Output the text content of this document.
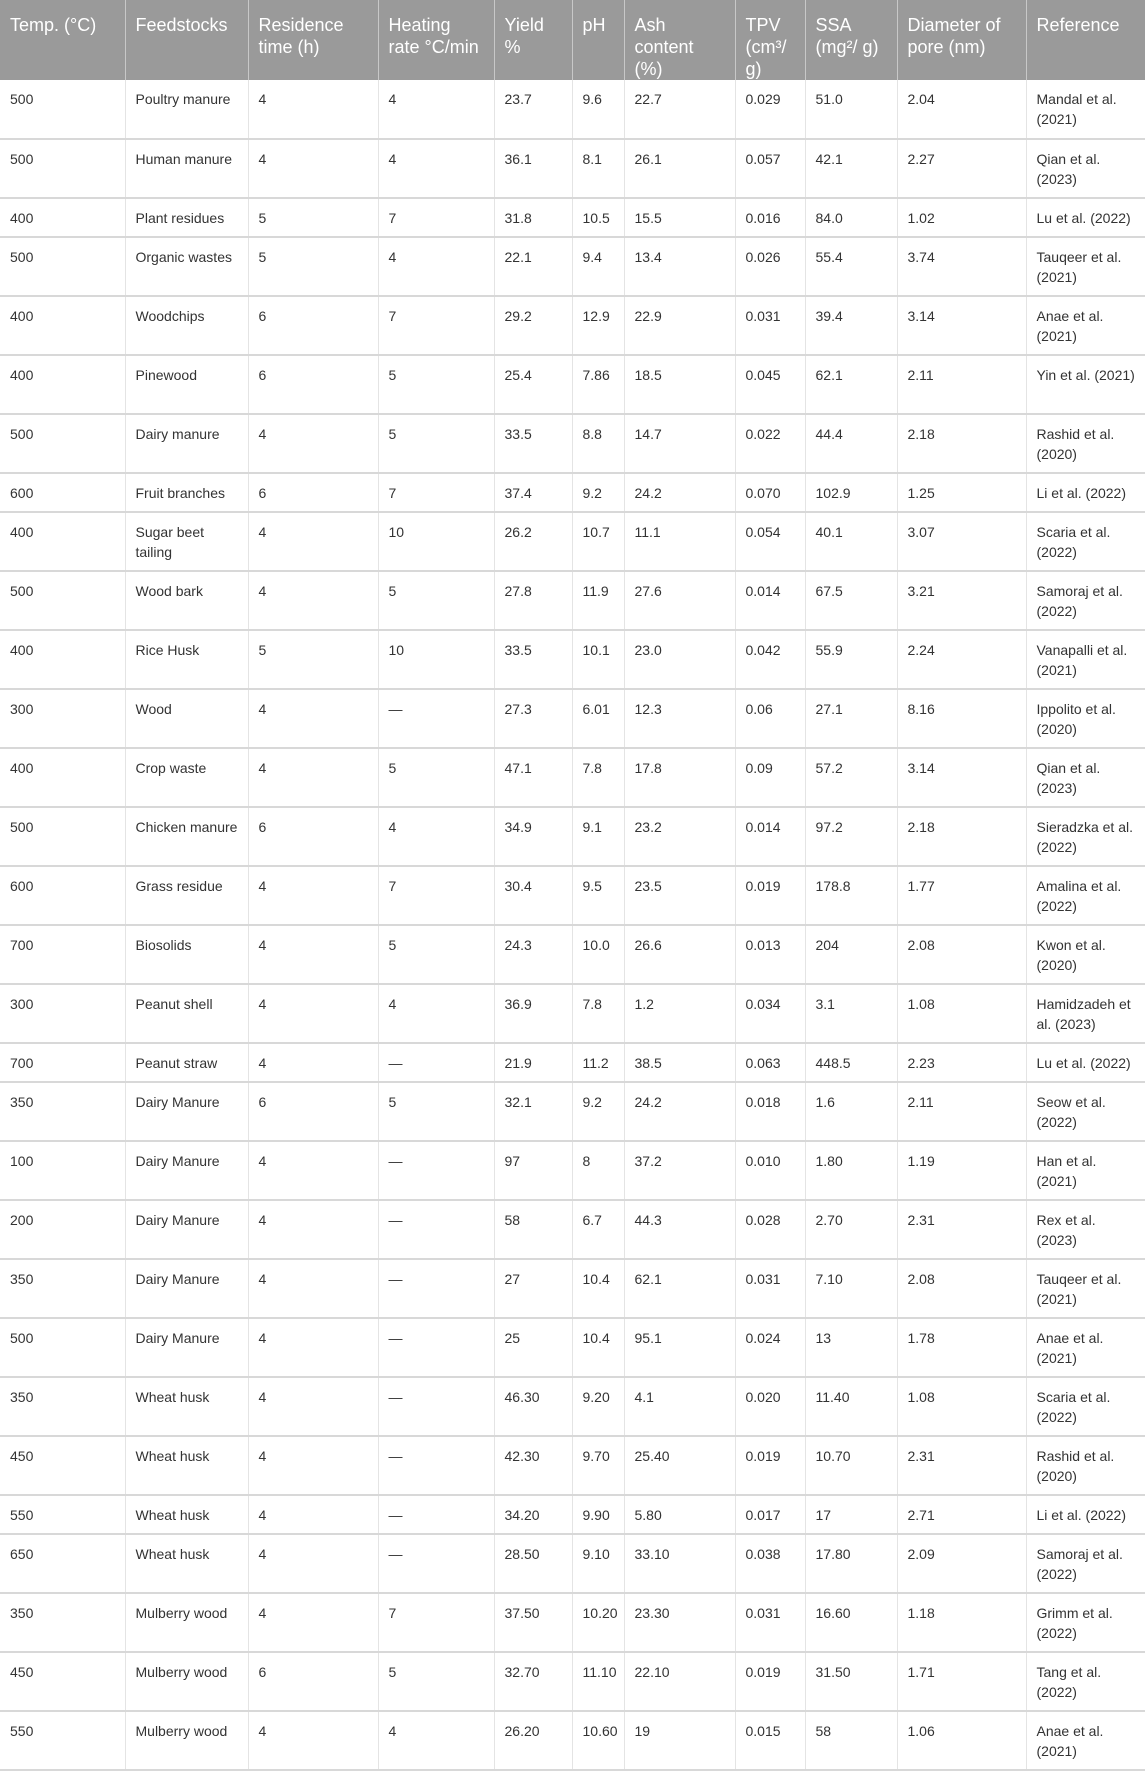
Temp. (°C)	Feedstocks	Residence time (h)	Heating rate °C/min	Yield %	pH	Ash content (%)	TPV (cm³/ g)	SSA (mg²/ g)	Diameter of pore (nm)	Reference
500	Poultry manure	4	4	23.7	9.6	22.7	0.029	51.0	2.04	Mandal et al. (2021)
500	Human manure	4	4	36.1	8.1	26.1	0.057	42.1	2.27	Qian et al. (2023)
400	Plant residues	5	7	31.8	10.5	15.5	0.016	84.0	1.02	Lu et al. (2022)
500	Organic wastes	5	4	22.1	9.4	13.4	0.026	55.4	3.74	Tauqeer et al. (2021)
400	Woodchips	6	7	29.2	12.9	22.9	0.031	39.4	3.14	Anae et al. (2021)
400	Pinewood	6	5	25.4	7.86	18.5	0.045	62.1	2.11	Yin et al. (2021)
500	Dairy manure	4	5	33.5	8.8	14.7	0.022	44.4	2.18	Rashid et al. (2020)
600	Fruit branches	6	7	37.4	9.2	24.2	0.070	102.9	1.25	Li et al. (2022)
400	Sugar beet tailing	4	10	26.2	10.7	11.1	0.054	40.1	3.07	Scaria et al. (2022)
500	Wood bark	4	5	27.8	11.9	27.6	0.014	67.5	3.21	Samoraj et al. (2022)
400	Rice Husk	5	10	33.5	10.1	23.0	0.042	55.9	2.24	Vanapalli et al. (2021)
300	Wood	4	—	27.3	6.01	12.3	0.06	27.1	8.16	Ippolito et al. (2020)
400	Crop waste	4	5	47.1	7.8	17.8	0.09	57.2	3.14	Qian et al. (2023)
500	Chicken manure	6	4	34.9	9.1	23.2	0.014	97.2	2.18	Sieradzka et al. (2022)
600	Grass residue	4	7	30.4	9.5	23.5	0.019	178.8	1.77	Amalina et al. (2022)
700	Biosolids	4	5	24.3	10.0	26.6	0.013	204	2.08	Kwon et al. (2020)
300	Peanut shell	4	4	36.9	7.8	1.2	0.034	3.1	1.08	Hamidzadeh et al. (2023)
700	Peanut straw	4	—	21.9	11.2	38.5	0.063	448.5	2.23	Lu et al. (2022)
350	Dairy Manure	6	5	32.1	9.2	24.2	0.018	1.6	2.11	Seow et al. (2022)
100	Dairy Manure	4	—	97	8	37.2	0.010	1.80	1.19	Han et al. (2021)
200	Dairy Manure	4	—	58	6.7	44.3	0.028	2.70	2.31	Rex et al. (2023)
350	Dairy Manure	4	—	27	10.4	62.1	0.031	7.10	2.08	Tauqeer et al. (2021)
500	Dairy Manure	4	—	25	10.4	95.1	0.024	13	1.78	Anae et al. (2021)
350	Wheat husk	4	—	46.30	9.20	4.1	0.020	11.40	1.08	Scaria et al. (2022)
450	Wheat husk	4	—	42.30	9.70	25.40	0.019	10.70	2.31	Rashid et al. (2020)
550	Wheat husk	4	—	34.20	9.90	5.80	0.017	17	2.71	Li et al. (2022)
650	Wheat husk	4	—	28.50	9.10	33.10	0.038	17.80	2.09	Samoraj et al. (2022)
350	Mulberry wood	4	7	37.50	10.20	23.30	0.031	16.60	1.18	Grimm et al. (2022)
450	Mulberry wood	6	5	32.70	11.10	22.10	0.019	31.50	1.71	Tang et al. (2022)
550	Mulberry wood	4	4	26.20	10.60	19	0.015	58	1.06	Anae et al. (2021)
